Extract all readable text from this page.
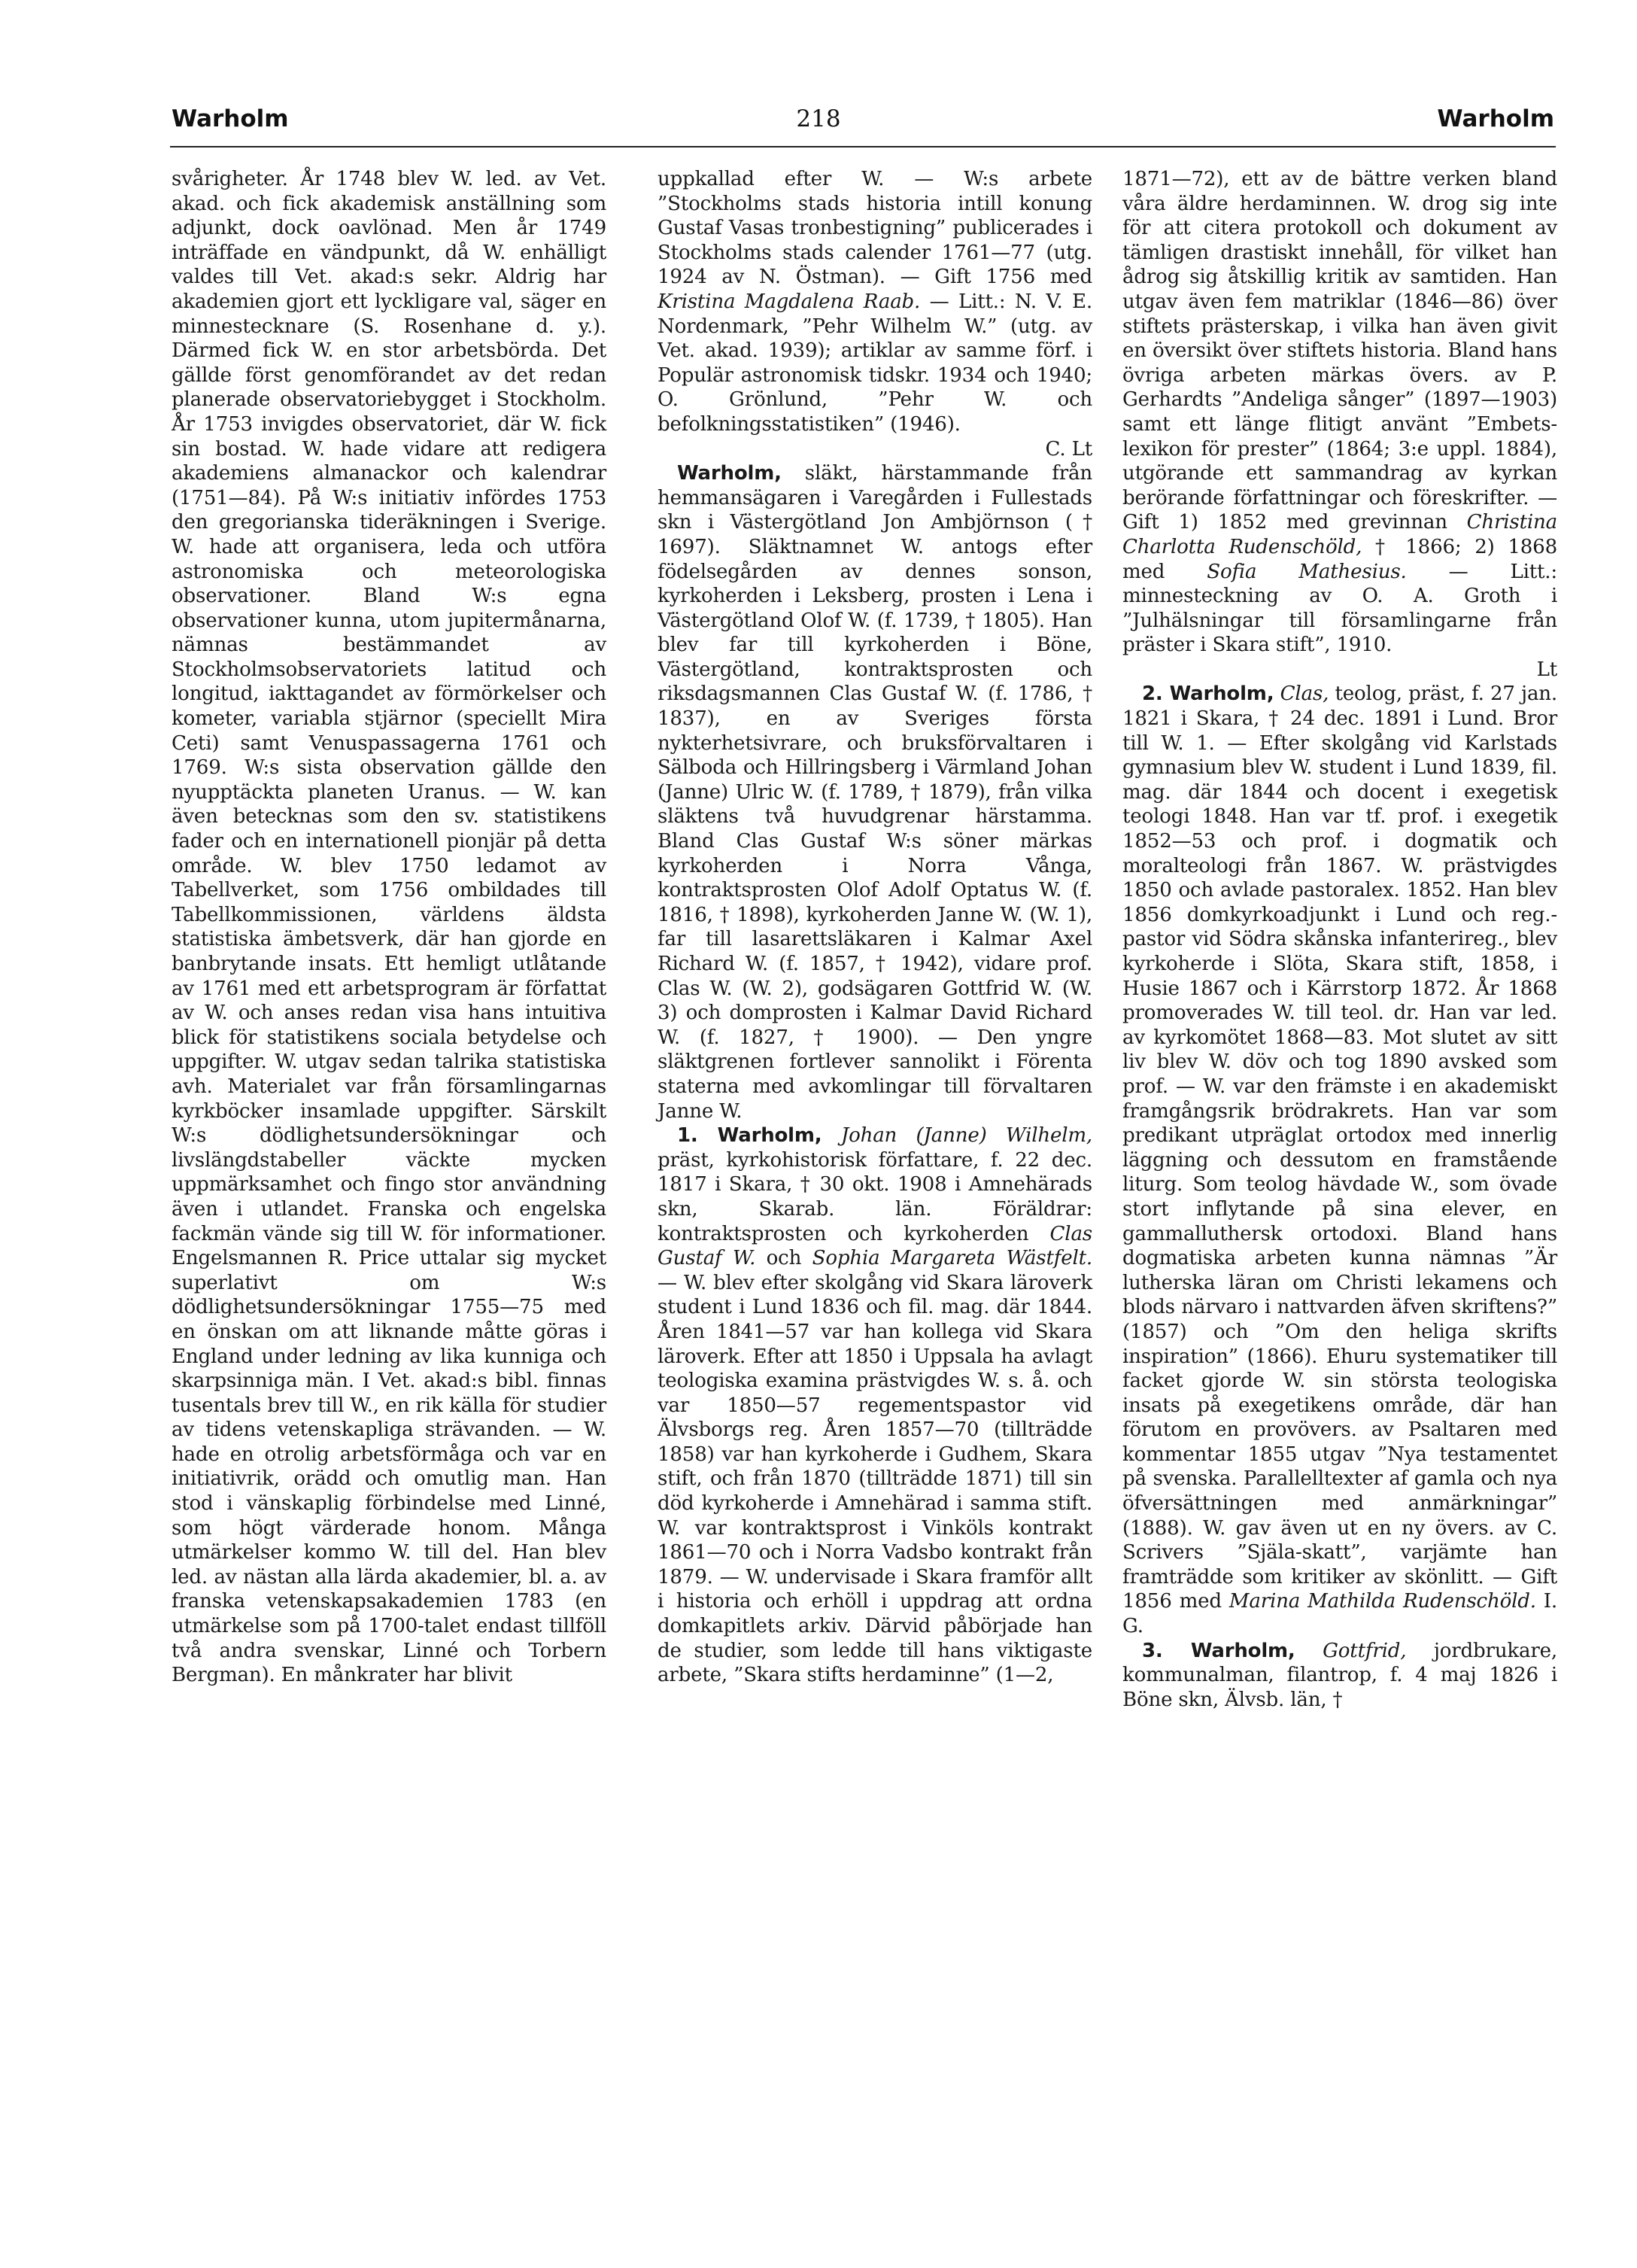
Warholm	218	Warholm

svårigheter. År 1748 blev W. led. av Vet. akad. och fick akademisk anställning som adjunkt, dock oavlönad. Men år 1749 inträffade en vändpunkt, då W. enhälligt valdes till Vet. akad:s sekr. Aldrig har akademien gjort ett lyckligare val, säger en minnestecknare (S. Rosenhane d. y.). Därmed fick W. en stor arbetsbörda. Det gällde först genomförandet av det redan planerade observatoriebygget i Stockholm. År 1753 invigdes observatoriet, där W. fick sin bostad. W. hade vidare att redigera akademiens almanackor och kalendrar (1751—84). På W:s initiativ infördes 1753 den gregorianska tideräkningen i Sverige. W. hade att organisera, leda och utföra astronomiska och meteorologiska observationer. Bland W:s egna observationer kunna, utom jupitermånarna, nämnas bestämmandet av Stockholmsobservatoriets latitud och longitud, iakttagandet av förmörkelser och kometer, variabla stjärnor (speciellt Mira Ceti) samt Venuspassagerna 1761 och 1769. W:s sista observation gällde den nyupptäckta planeten Uranus. — W. kan även betecknas som den sv. statistikens fader och en internationell pionjär på detta område. W. blev 1750 ledamot av Tabellverket, som 1756 ombildades till Tabellkommissionen, världens äldsta statistiska ämbetsverk, där han gjorde en banbrytande insats. Ett hemligt utlåtande av 1761 med ett arbetsprogram är författat av W. och anses redan visa hans intuitiva blick för statistikens sociala betydelse och uppgifter. W. utgav sedan talrika statistiska avh. Materialet var från församlingarnas kyrkböcker insamlade uppgifter. Särskilt W:s dödlighetsundersökningar och livslängdstabeller väckte mycken uppmärksamhet och fingo stor användning även i utlandet. Franska och engelska fackmän vände sig till W. för informationer. Engelsmannen R. Price uttalar sig mycket superlativt om W:s dödlighetsundersökningar 1755—75 med en önskan om att liknande måtte göras i England under ledning av lika kunniga och skarpsinniga män. I Vet. akad:s bibl. finnas tusentals brev till W., en rik källa för studier av tidens vetenskapliga strävanden. — W. hade en otrolig arbetsförmåga och var en initiativrik, orädd och omutlig man. Han stod i vänskaplig förbindelse med Linné, som högt värderade honom. Många utmärkelser kommo W. till del. Han blev led. av nästan alla lärda akademier, bl. a. av franska vetenskapsakademien 1783 (en utmärkelse som på 1700-talet endast tillföll två andra svenskar, Linné och Torbern Bergman). En månkrater har blivit

uppkallad efter W. — W:s arbete ”Stockholms stads historia intill konung Gustaf Vasas tronbestigning” publicerades i Stockholms stads calender 1761—77 (utg. 1924 av N. Östman). — Gift 1756 med Kristina Magdalena Raab. — Litt.: N. V. E. Nordenmark, ”Pehr Wilhelm W.” (utg. av Vet. akad. 1939); artiklar av samme förf. i Populär astronomisk tidskr. 1934 och 1940; O. Grönlund, ”Pehr W. och befolkningsstatistiken” (1946).
C. Lt

Warholm, släkt, härstammande från hemmansägaren i Varegården i Fullestads skn i Västergötland Jon Ambjörnson († 1697). Släktnamnet W. antogs efter födelsegården av dennes sonson, kyrkoherden i Leksberg, prosten i Lena i Västergötland Olof W. (f. 1739, † 1805). Han blev far till kyrkoherden i Böne, Västergötland, kontraktsprosten och riksdagsmannen Clas Gustaf W. (f. 1786, † 1837), en av Sveriges första nykterhetsivrare, och bruksförvaltaren i Sälboda och Hillringsberg i Värmland Johan (Janne) Ulric W. (f. 1789, † 1879), från vilka släktens två huvudgrenar härstamma. Bland Clas Gustaf W:s söner märkas kyrkoherden i Norra Vånga, kontraktsprosten Olof Adolf Optatus W. (f. 1816, † 1898), kyrkoherden Janne W. (W. 1), far till lasarettsläkaren i Kalmar Axel Richard W. (f. 1857, † 1942), vidare prof. Clas W. (W. 2), godsägaren Gottfrid W. (W. 3) och domprosten i Kalmar David Richard W. (f. 1827, † 1900). — Den yngre släktgrenen fortlever sannolikt i Förenta staterna med avkomlingar till förvaltaren Janne W.

1. Warholm, Johan (Janne) Wilhelm, präst, kyrkohistorisk författare, f. 22 dec. 1817 i Skara, † 30 okt. 1908 i Amnehärads skn, Skarab. län. Föräldrar: kontraktsprosten och kyrkoherden Clas Gustaf W. och Sophia Margareta Wästfelt. — W. blev efter skolgång vid Skara läroverk student i Lund 1836 och fil. mag. där 1844. Åren 1841—57 var han kollega vid Skara läroverk. Efter att 1850 i Uppsala ha avlagt teologiska examina prästvigdes W. s. å. och var 1850—57 regementspastor vid Älvsborgs reg. Åren 1857—70 (tillträdde 1858) var han kyrkoherde i Gudhem, Skara stift, och från 1870 (tillträdde 1871) till sin död kyrkoherde i Amnehärad i samma stift. W. var kontraktsprost i Vinköls kontrakt 1861—70 och i Norra Vadsbo kontrakt från 1879. — W. undervisade i Skara framför allt i historia och erhöll i uppdrag att ordna domkapitlets arkiv. Därvid påbörjade han de studier, som ledde till hans viktigaste arbete, ”Skara stifts herdaminne” (1—2,

1871—72), ett av de bättre verken bland våra äldre herdaminnen. W. drog sig inte för att citera protokoll och dokument av tämligen drastiskt innehåll, för vilket han ådrog sig åtskillig kritik av samtiden. Han utgav även fem matriklar (1846—86) över stiftets prästerskap, i vilka han även givit en översikt över stiftets historia. Bland hans övriga arbeten märkas övers. av P. Gerhardts ”Andeliga sånger” (1897—1903) samt ett länge flitigt använt ”Embets-lexikon för prester” (1864; 3:e uppl. 1884), utgörande ett sammandrag av kyrkan berörande författningar och föreskrifter. — Gift 1) 1852 med grevinnan Christina Charlotta Rudenschöld, † 1866; 2) 1868 med Sofia Mathesius. — Litt.: minnesteckning av O. A. Groth i ”Julhälsningar till församlingarne från präster i Skara stift”, 1910.
Lt

2. Warholm, Clas, teolog, präst, f. 27 jan. 1821 i Skara, † 24 dec. 1891 i Lund. Bror till W. 1. — Efter skolgång vid Karlstads gymnasium blev W. student i Lund 1839, fil. mag. där 1844 och docent i exegetisk teologi 1848. Han var tf. prof. i exegetik 1852—53 och prof. i dogmatik och moralteologi från 1867. W. prästvigdes 1850 och avlade pastoralex. 1852. Han blev 1856 domkyrkoadjunkt i Lund och reg.-pastor vid Södra skånska infanterireg., blev kyrkoherde i Slöta, Skara stift, 1858, i Husie 1867 och i Kärrstorp 1872. År 1868 promoverades W. till teol. dr. Han var led. av kyrkomötet 1868—83. Mot slutet av sitt liv blev W. döv och tog 1890 avsked som prof. — W. var den främste i en akademiskt framgångsrik brödrakrets. Han var som predikant utpräglat ortodox med innerlig läggning och dessutom en framstående liturg. Som teolog hävdade W., som övade stort inflytande på sina elever, en gammalluthersk ortodoxi. Bland hans dogmatiska arbeten kunna nämnas ”Är lutherska läran om Christi lekamens och blods närvaro i nattvarden äfven skriftens?” (1857) och ”Om den heliga skrifts inspiration” (1866). Ehuru systematiker till facket gjorde W. sin största teologiska insats på exegetikens område, där han förutom en provövers. av Psaltaren med kommentar 1855 utgav ”Nya testamentet på svenska. Parallelltexter af gamla och nya öfversättningen med anmärkningar” (1888). W. gav även ut en ny övers. av C. Scrivers ”Själa-skatt”, varjämte han framträdde som kritiker av skönlitt. — Gift 1856 med Marina Mathilda Rudenschöld. I. G.

3. Warholm, Gottfrid, jordbrukare, kommunalman, filantrop, f. 4 maj 1826 i Böne skn, Älvsb. län, †
